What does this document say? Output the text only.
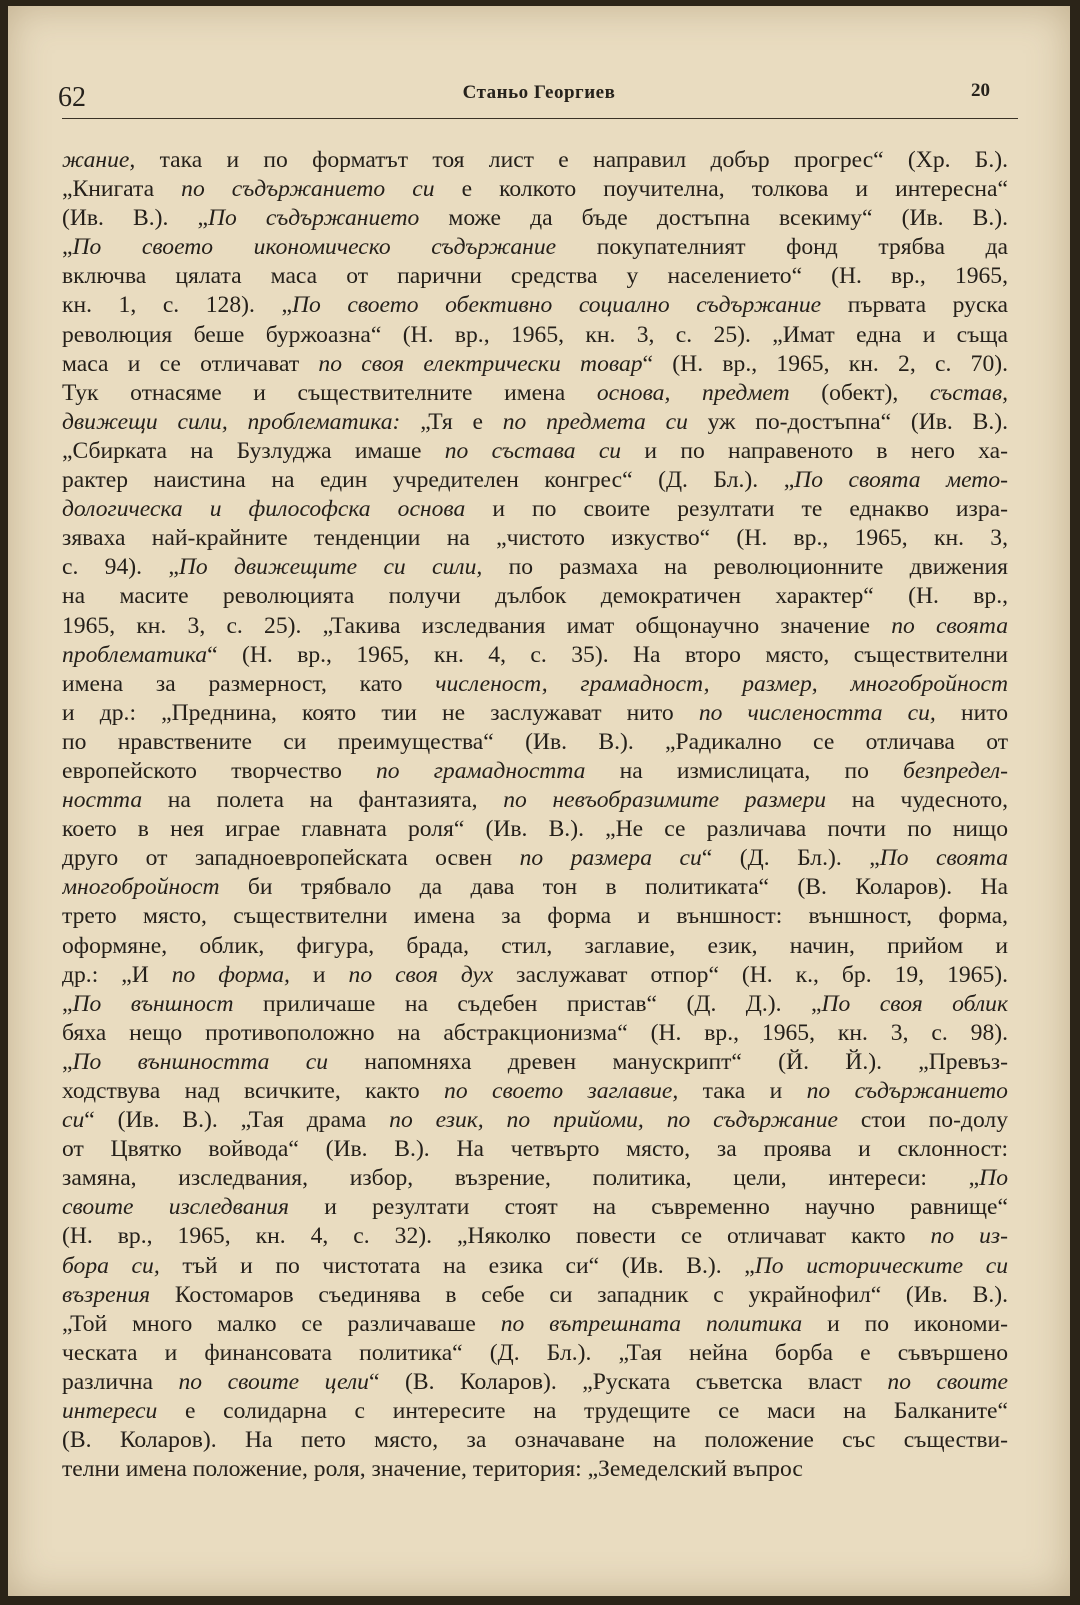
62	Станьо Георгиев	20
жание, така и по форматът тоя лист е направил добър прогрес“ (Хр. Б.).
„Книгата по съдържанието си е колкото поучителна, толкова и интересна“
(Ив. В.). „По съдържанието може да бъде достъпна всекиму“ (Ив. В.).
„По своето икономическо съдържание покупателният фонд трябва да
включва цялата маса от парични средства у населението“ (Н. вр., 1965,
кн. 1, с. 128). „По своето обективно социално съдържание първата руска
революция беше буржоазна“ (Н. вр., 1965, кн. 3, с. 25). „Имат една и съща
маса и се отличават по своя електрически товар“ (Н. вр., 1965, кн. 2, с. 70).
Тук отнасяме и съществителните имена основа, предмет (обект), състав,
движещи сили, проблематика: „Тя е по предмета си уж по-достъпна“ (Ив. В.).
„Сбирката на Бузлуджа имаше по състава си и по направеното в него ха-
рактер наистина на един учредителен конгрес“ (Д. Бл.). „По своята мето-
дологическа и философска основа и по своите резултати те еднакво изра-
зяваха най-крайните тенденции на „чистото изкуство“ (Н. вр., 1965, кн. 3,
с. 94). „По движещите си сили, по размаха на революционните движения
на масите революцията получи дълбок демократичен характер“ (Н. вр.,
1965, кн. 3, с. 25). „Такива изследвания имат общонаучно значение по своята
проблематика“ (Н. вр., 1965, кн. 4, с. 35). На второ място, съществителни
имена за размерност, като численост, грамадност, размер, многобройност
и др.: „Преднина, която тии не заслужават нито по числеността си, нито
по нравствените си преимущества“ (Ив. В.). „Радикално се отличава от
европейското творчество по грамадността на измислицата, по безпредел-
ността на полета на фантазията, по невъобразимите размери на чудесното,
което в нея играе главната роля“ (Ив. В.). „Не се различава почти по нищо
друго от западноевропейската освен по размера си“ (Д. Бл.). „По своята
многобройност би трябвало да дава тон в политиката“ (В. Коларов). На
трето място, съществителни имена за форма и външност: външност, форма,
оформяне, облик, фигура, брада, стил, заглавие, език, начин, прийом и
др.: „И по форма, и по своя дух заслужават отпор“ (Н. к., бр. 19, 1965).
„По външност приличаше на съдебен пристав“ (Д. Д.). „По своя облик
бяха нещо противоположно на абстракционизма“ (Н. вр., 1965, кн. 3, с. 98).
„По външността си напомняха древен манускрипт“ (Й. Й.). „Превъз-
ходствува над всичките, както по своето заглавие, така и по съдържанието
си“ (Ив. В.). „Тая драма по език, по прийоми, по съдържание стои по-долу
от Цвятко войвода“ (Ив. В.). На четвърто място, за проява и склонност:
замяна, изследвания, избор, възрение, политика, цели, интереси: „По
своите изследвания и резултати стоят на съвременно научно равнище“
(Н. вр., 1965, кн. 4, с. 32). „Няколко повести се отличават както по из-
бора си, тъй и по чистотата на езика си“ (Ив. В.). „По историческите си
възрения Костомаров съединява в себе си западник с украйнофил“ (Ив. В.).
„Той много малко се различаваше по вътрешната политика и по икономи-
ческата и финансовата политика“ (Д. Бл.). „Тая нейна борба е съвършено
различна по своите цели“ (В. Коларов). „Руската съветска власт по своите
интереси е солидарна с интересите на трудещите се маси на Балканите“
(В. Коларов). На пето място, за означаване на положение със съществи-
телни имена положение, роля, значение, територия: „Земеделский въпрос
